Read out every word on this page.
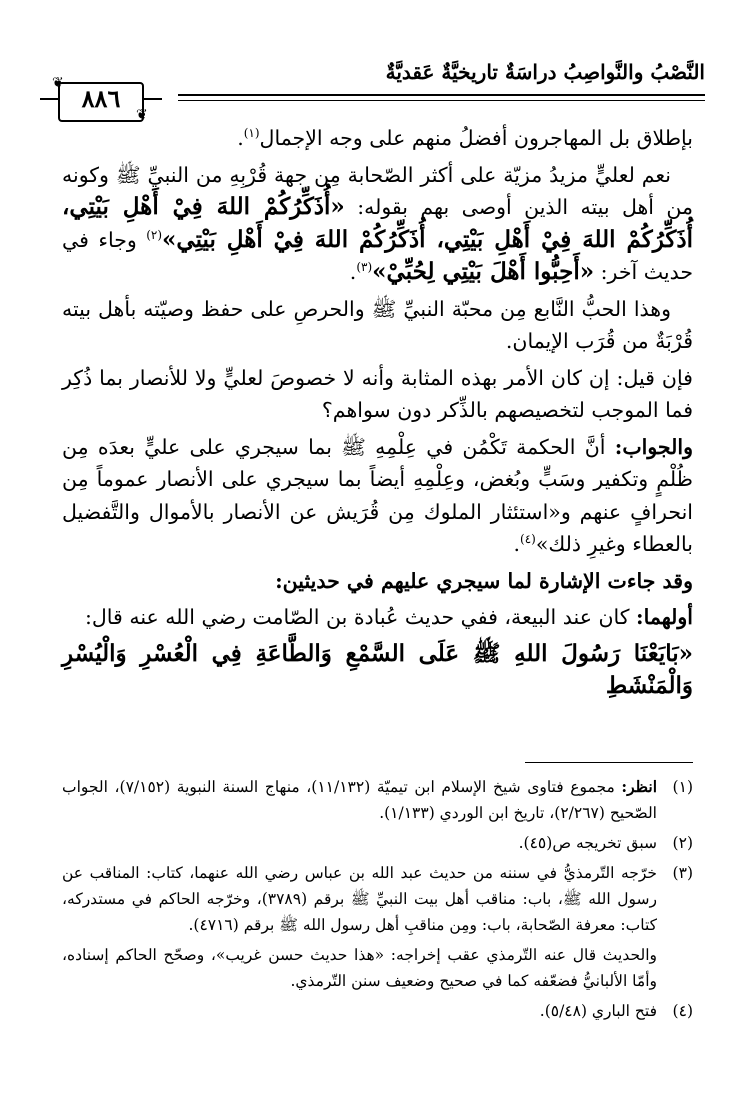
النَّصْبُ والنَّواصِبُ دراسَةٌ تاريخيَّةٌ عَقديَّةٌ
❦
❦
٨٨٦

بإطلاق بل المهاجرون أفضلُ منهم على وجه الإجمال$^{(١)}$.

نعم لعليٍّ مزيدُ مزيّة على أكثر الصّحابة مِن جهة قُرْبِهِ من النبيِّ ﷺ وكونه من أهل بيته الذين أوصى بهم بقوله: «أُذَكِّرُكُمْ اللهَ فِيْ أَهْلِ بَيْتِي، أُذَكِّرُكُمْ اللهَ فِيْ أَهْلِ بَيْتِي، أُذَكِّرُكُمْ اللهَ فِيْ أَهْلِ بَيْتِي»$^{(٢)}$ وجاء في حديث آخر: «أَحِبُّوا أَهْلَ بَيْتِي لِحُبِّيْ»$^{(٣)}$.

وهذا الحبُّ النَّابع مِن محبّة النبيِّ ﷺ والحرصِ على حفظ وصيّته بأهل بيته قُرْبَةٌ من قُرَب الإيمان.

فإن قيل: إن كان الأمر بهذه المثابة وأنه لا خصوصَ لعليٍّ ولا للأنصار بما ذُكِر فما الموجب لتخصيصهم بالذِّكر دون سواهم؟

والجواب: أنَّ الحكمة تَكْمُن في عِلْمِهِ ﷺ بما سيجري على عليٍّ بعدَه مِن ظُلْمٍ وتكفير وسَبٍّ وبُغض، وعِلْمِهِ أيضاً بما سيجري على الأنصار عموماً مِن انحرافٍ عنهم و«استئثار الملوك مِن قُرَيش عن الأنصار بالأموال والتَّفضيل بالعطاء وغيرِ ذلك»$^{(٤)}$.

وقد جاءت الإشارة لما سيجري عليهم في حديثين:

أولهما: كان عند البيعة، ففي حديث عُبادة بن الصّامت رضي الله عنه قال:

«بَايَعْنَا رَسُولَ اللهِ ﷺ عَلَى السَّمْعِ وَالطَّاعَةِ فِي الْعُسْرِ وَالْيُسْرِ وَالْمَنْشَطِ

(١)
انظر: مجموع فتاوى شيخ الإسلام ابن تيميّة (١١/١٣٢)، منهاج السنة النبوية (٧/١٥٢)، الجواب الصّحيح (٢/٢٦٧)، تاريخ ابن الوردي (١/١٣٣).
(٢)
سبق تخريجه ص(٤٥).
(٣)
خرّجه التّرمذيُّ في سننه من حديث عبد الله بن عباس رضي الله عنهما، كتاب: المناقب عن رسول الله ﷺ، باب: مناقب أهل بيت النبيِّ ﷺ برقم (٣٧٨٩)، وخرّجه الحاكم في مستدركه، كتاب: معرفة الصّحابة، باب: ومِن مناقبِ أهل رسول الله ﷺ برقم (٤٧١٦).
والحديث قال عنه التّرمذي عقب إخراجه: «هذا حديث حسن غريب»، وصحّح الحاكم إسناده، وأمّا الألبانيُّ فضعّفه كما في صحيح وضعيف سنن التّرمذي.
(٤)
فتح الباري (٥/٤٨).
